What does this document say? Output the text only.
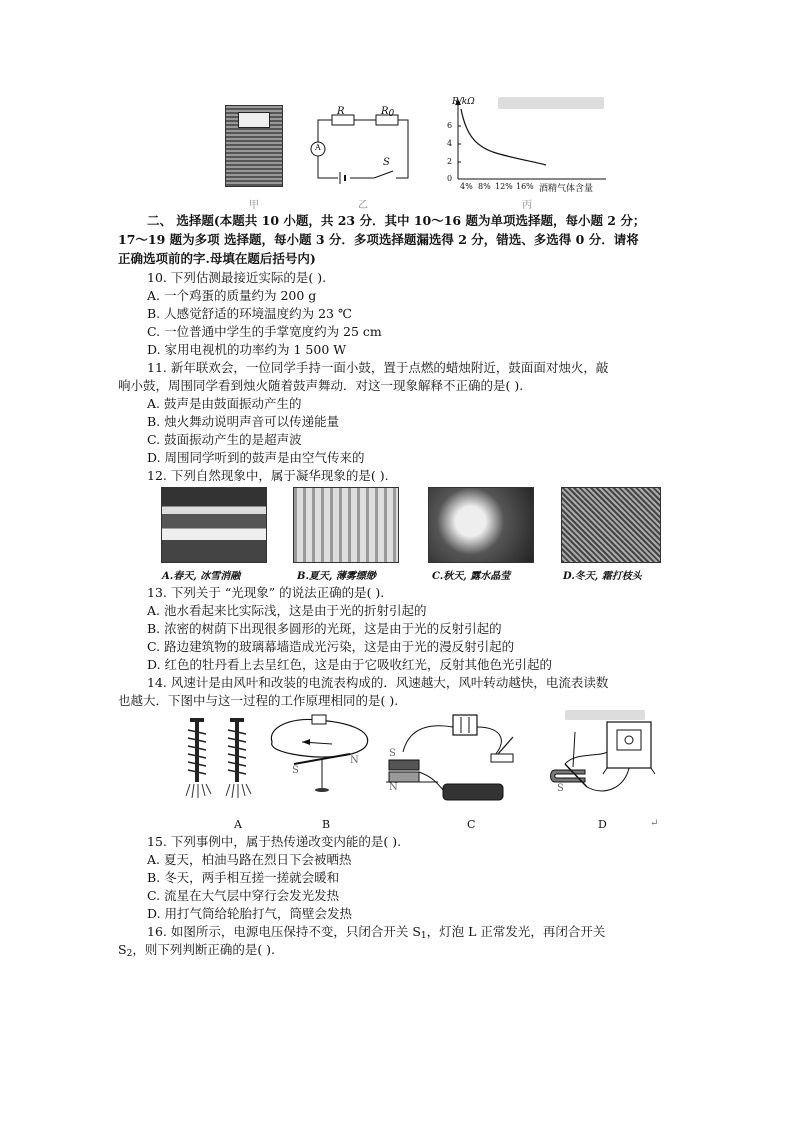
甲
R	R0
A
S
乙
R/kΩ
6
4
2
0
4% 8% 12% 16% 酒精气体含量
丙
二、 选择题(本题共 10 小题，共 23 分．其中 10～16 题为单项选择题，每小题 2 分；
17～19 题为多项 选择题，每小题 3 分．多项选择题漏选得 2 分，错选、多选得 0 分．请将
正确选项前的字.母填在题后括号内)
10. 下列估测最接近实际的是( ).
A. 一个鸡蛋的质量约为 200 g
B. 人感觉舒适的环境温度约为 23 ℃
C. 一位普通中学生的手掌宽度约为 25 cm
D. 家用电视机的功率约为 1 500 W
11. 新年联欢会，一位同学手持一面小鼓，置于点燃的蜡烛附近，鼓面面对烛火，敲
响小鼓，周围同学看到烛火随着鼓声舞动．对这一现象解释不正确的是( ).
A. 鼓声是由鼓面振动产生的
B. 烛火舞动说明声音可以传递能量
C. 鼓面振动产生的是超声波
D. 周围同学听到的鼓声是由空气传来的
12. 下列自然现象中，属于凝华现象的是( ).
A.春天, 冰雪消融	B.夏天, 薄雾缥缈	C.秋天, 露水晶莹	D.冬天, 霜打枝头
13. 下列关于 “光现象” 的说法正确的是( ).
A. 池水看起来比实际浅，这是由于光的折射引起的
B. 浓密的树荫下出现很多圆形的光斑，这是由于光的反射引起的
C. 路边建筑物的玻璃幕墙造成光污染，这是由于光的漫反射引起的
D. 红色的牡丹看上去呈红色，这是由于它吸收红光，反射其他色光引起的
14. 风速计是由风叶和改装的电流表构成的．风速越大，风叶转动越快，电流表读数
也越大．下图中与这一过程的工作原理相同的是( ).
S
N
S
N	S
A	B	C	D	↵
15. 下列事例中，属于热传递改变内能的是( ).
A. 夏天，柏油马路在烈日下会被晒热
B. 冬天，两手相互搓一搓就会暖和
C. 流星在大气层中穿行会发光发热
D. 用打气筒给轮胎打气，筒壁会发热
16. 如图所示，电源电压保持不变，只闭合开关 $S_1$，灯泡 L 正常发光，再闭合开关
$S_2$，则下列判断正确的是( ).
